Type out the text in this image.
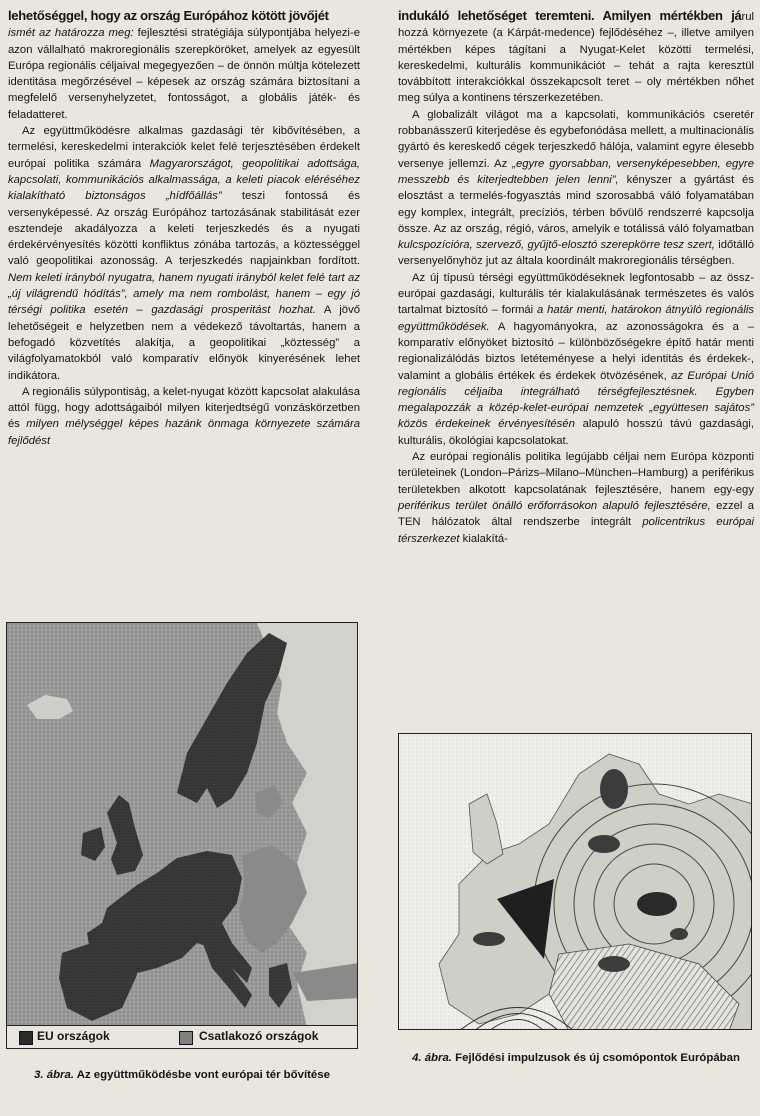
lehetőséggel, hogy az ország Európához kötött jövőjét
ismét az határozza meg: fejlesztési stratégiája súlypontjába helyezi-e azon vállalható makroregionális szerepköröket, amelyek az egyesült Európa regionális céljaival megegyezően – de önnön múltja kötelezett identitása megőrzésével – képesek az ország számára biztosítani a megfelelő versenyhelyzetet, fontosságot, a globális játék- és feladatteret.

Az együttműködésre alkalmas gazdasági tér kibővítésében, a termelési, kereskedelmi interakciók kelet felé terjesztésében érdekelt európai politika számára Magyarországot, geopolitikai adottsága, kapcsolati, kommunikációs alkalmassága, a keleti piacok eléréséhez kialakítható biztonságos „hídfőállás” teszi fontossá és versenyképessé. Az ország Európához tartozásának stabilitását ezer esztendeje akadályozza a keleti terjeszkedés és a nyugati érdekérvényesítés közötti konfliktus zónába tartozás, a köztességgel való geopolitikai azonosság. A terjeszkedés napjainkban fordított. Nem keleti irányból nyugatra, hanem nyugati irányból kelet felé tart az „új világrendű hódítás”, amely ma nem rombolást, hanem – egy jó térségi politika esetén – gazdasági prosperitást hozhat. A jövő lehetőségeit e helyzetben nem a védekező távoltartás, hanem a befogadó közvetítés alakítja, a geopolitikai „köztesség” a világfolyamatokból való komparatív előnyök kinyerésének lehet indikátora.

A regionális súlypontiság, a kelet-nyugat között kapcsolat alakulása attól függ, hogy adottságaiból milyen kiterjedtségű vonzáskörzetben és milyen mélységgel képes hazánk önmaga környezete számára fejlődést

indukáló lehetőséget teremteni. Amilyen mértékben járul hozzá környezete (a Kárpát-medence) fejlődéséhez –, illetve amilyen mértékben képes tágítani a Nyugat-Kelet közötti termelési, kereskedelmi, kulturális kommunikációt – tehát a rajta keresztül továbbított interakciókkal összekapcsolt teret – oly mértékben nőhet meg súlya a kontinens térszerkezetében.

A globalizált világot ma a kapcsolati, kommunikációs cseretér robbanásszerű kiterjedése és egybefonódása mellett, a multinacionális gyártó és kereskedő cégek terjeszkedő hálója, valamint egyre élesebb versenye jellemzi. Az „egyre gyorsabban, versenyképesebben, egyre messzebb és kiterjedtebben jelen lenni”, kényszer a gyártást és elosztást a termelés-fogyasztás mind szorosabbá váló folyamatában egy komplex, integrált, precíziós, térben bővülő rendszerré kapcsolja össze. Az az ország, régió, város, amelyik e totálissá váló folyamatban kulcspozícióra, szervező, gyűjtő-elosztó szerepkörre tesz szert, időtálló versenyelőnyhöz jut az általa koordinált makroregionális térségben.

Az új típusú térségi együttműködéseknek legfontosabb – az össz-európai gazdasági, kulturális tér kialakulásának természetes és valós tartalmat biztosító – formái a határ menti, határokon átnyúló regionális együttműködések. A hagyományokra, az azonosságokra és a – komparatív előnyöket biztosító – különbözőségekre építő határ menti regionalizálódás biztos letéteményese a helyi identitás és érdekek-, valamint a globális értékek és érdekek ötvözésének, az Európai Unió regionális céljaiba integrálható térségfejlesztésnek. Egyben megalapozzák a közép-kelet-európai nemzetek „együttesen sajátos” közös érdekeinek érvényesítésén alapuló hosszú távú gazdasági, kulturális, ökológiai kapcsolatokat.

Az európai regionális politika legújabb céljai nem Európa központi területeinek (London–Párizs–Milano–München–Hamburg) a periférikus területekben alkotott kapcsolatának fejlesztésére, hanem egy-egy periférikus terület önálló erőforrásokon alapuló fejlesztésére, ezzel a TEN hálózatok által rendszerbe integrált policentrikus európai térszerkezet kialakítá-

EU országok	Csatlakozó országok
3. ábra. Az együttműködésbe vont európai tér bővítése
4. ábra. Fejlődési impulzusok és új csomópontok Európában
